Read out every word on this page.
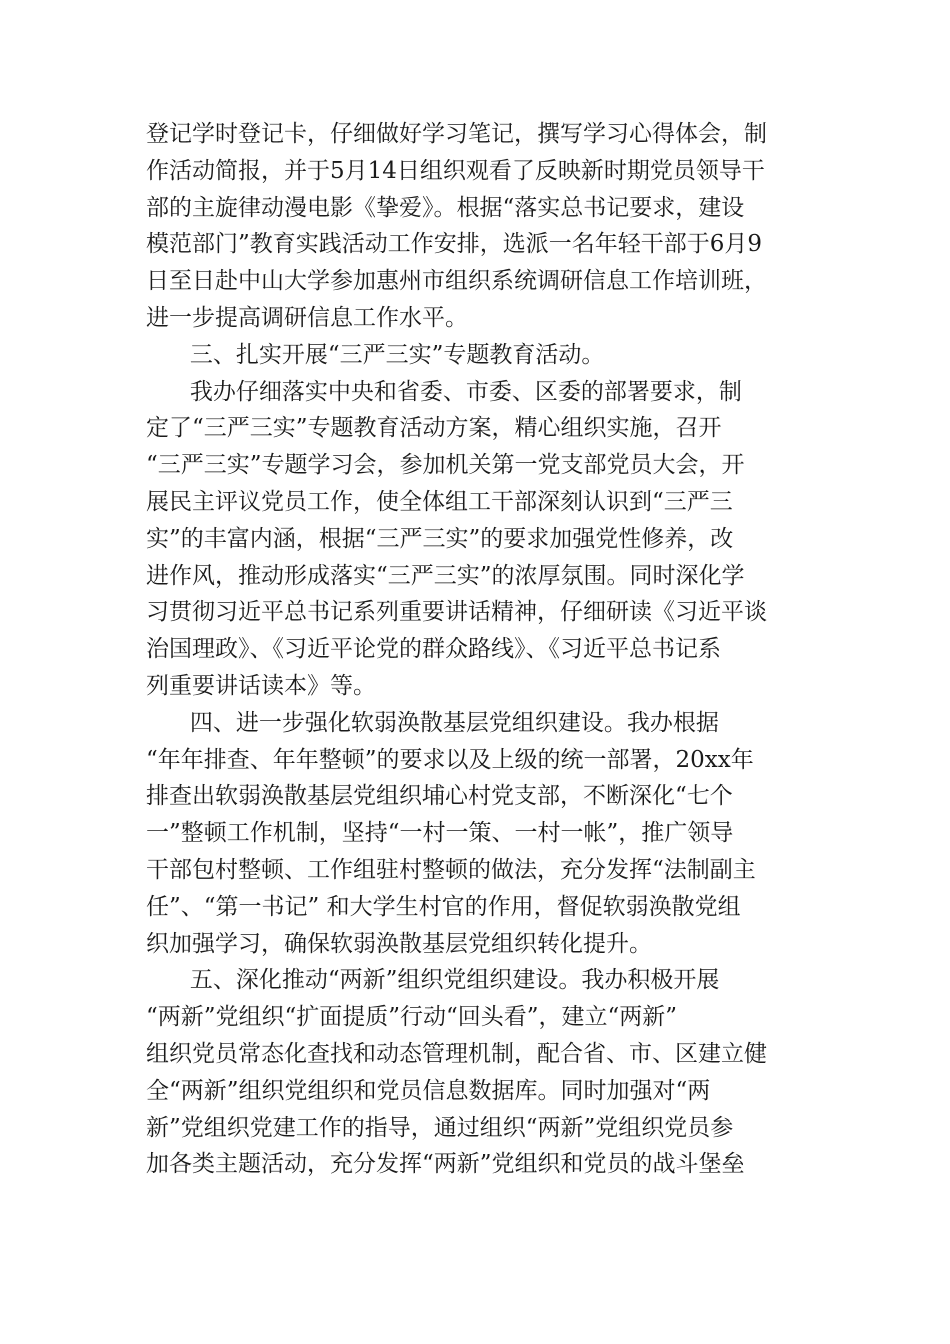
登记学时登记卡，仔细做好学习笔记，撰写学习心得体会，制
作活动简报，并于5月14日组织观看了反映新时期党员领导干
部的主旋律动漫电影《挚爱》。根据“落实总书记要求，建设
模范部门”教育实践活动工作安排，选派一名年轻干部于6月9
日至日赴中山大学参加惠州市组织系统调研信息工作培训班，
进一步提高调研信息工作水平。
三、扎实开展“三严三实”专题教育活动。
我办仔细落实中央和省委、市委、区委的部署要求，制
定了“三严三实”专题教育活动方案，精心组织实施，召开
“三严三实”专题学习会，参加机关第一党支部党员大会，开
展民主评议党员工作，使全体组工干部深刻认识到“三严三
实”的丰富内涵，根据“三严三实”的要求加强党性修养，改
进作风，推动形成落实“三严三实”的浓厚氛围。同时深化学
习贯彻习近平总书记系列重要讲话精神，仔细研读《习近平谈
治国理政》、《习近平论党的群众路线》、《习近平总书记系
列重要讲话读本》等。
四、进一步强化软弱涣散基层党组织建设。我办根据
“年年排查、年年整顿”的要求以及上级的统一部署，20xx年
排查出软弱涣散基层党组织埔心村党支部，不断深化“七个
一”整顿工作机制，坚持“一村一策、一村一帐”，推广领导
干部包村整顿、工作组驻村整顿的做法，充分发挥“法制副主
任”、“第一书记” 和大学生村官的作用，督促软弱涣散党组
织加强学习，确保软弱涣散基层党组织转化提升。
五、深化推动“两新”组织党组织建设。我办积极开展
“两新”党组织“扩面提质”行动“回头看”，建立“两新”
组织党员常态化查找和动态管理机制，配合省、市、区建立健
全“两新”组织党组织和党员信息数据库。同时加强对“两
新”党组织党建工作的指导，通过组织“两新”党组织党员参
加各类主题活动，充分发挥“两新”党组织和党员的战斗堡垒
